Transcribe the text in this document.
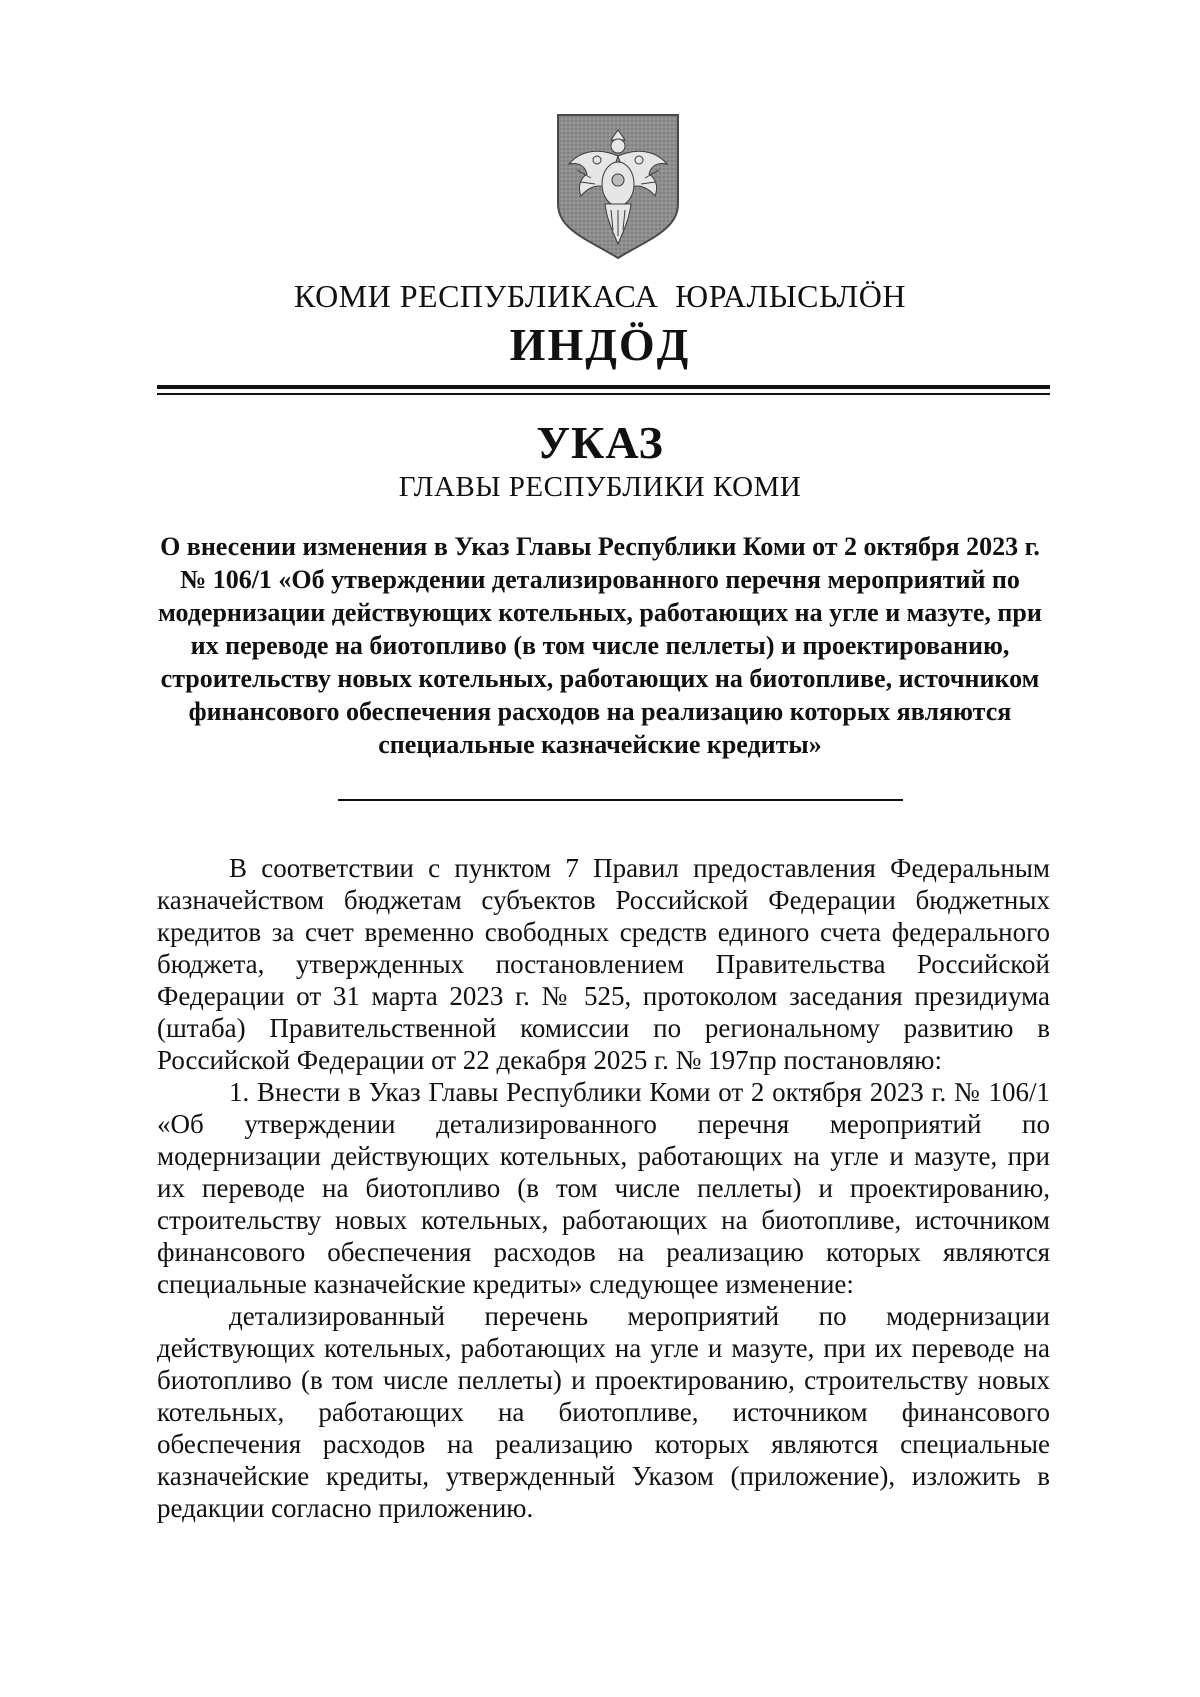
КОМИ РЕСПУБЛИКАСА  ЮРАЛЫСЬЛӦН
ИНДӦД
УКАЗ
ГЛАВЫ РЕСПУБЛИКИ КОМИ
О внесении изменения в Указ Главы Республики Коми от 2 октября 2023 г. № 106/1 «Об утверждении детализированного перечня мероприятий по модернизации действующих котельных, работающих на угле и мазуте, при их переводе на биотопливо (в том числе пеллеты) и проектированию, строительству новых котельных, работающих на биотопливе, источником финансового обеспечения расходов на реализацию которых являются специальные казначейские кредиты»

В соответствии с пунктом 7 Правил предоставления Федеральным казначейством бюджетам субъектов Российской Федерации бюджетных кредитов за счет временно свободных средств единого счета федерального бюджета, утвержденных постановлением Правительства Российской Федерации от 31 марта 2023 г. № 525, протоколом заседания президиума (штаба) Правительственной комиссии по региональному развитию в Российской Федерации от 22 декабря 2025 г. № 197пр постановляю:

1. Внести в Указ Главы Республики Коми от 2 октября 2023 г. № 106/1 «Об утверждении детализированного перечня мероприятий по модернизации действующих котельных, работающих на угле и мазуте, при их переводе на биотопливо (в том числе пеллеты) и проектированию, строительству новых котельных, работающих на биотопливе, источником финансового обеспечения расходов на реализацию которых являются специальные казначейские кредиты» следующее изменение:

детализированный перечень мероприятий по модернизации действующих котельных, работающих на угле и мазуте, при их переводе на биотопливо (в том числе пеллеты) и проектированию, строительству новых котельных, работающих на биотопливе, источником финансового обеспечения расходов на реализацию которых являются специальные казначейские кредиты, утвержденный Указом (приложение), изложить в редакции согласно приложению.
